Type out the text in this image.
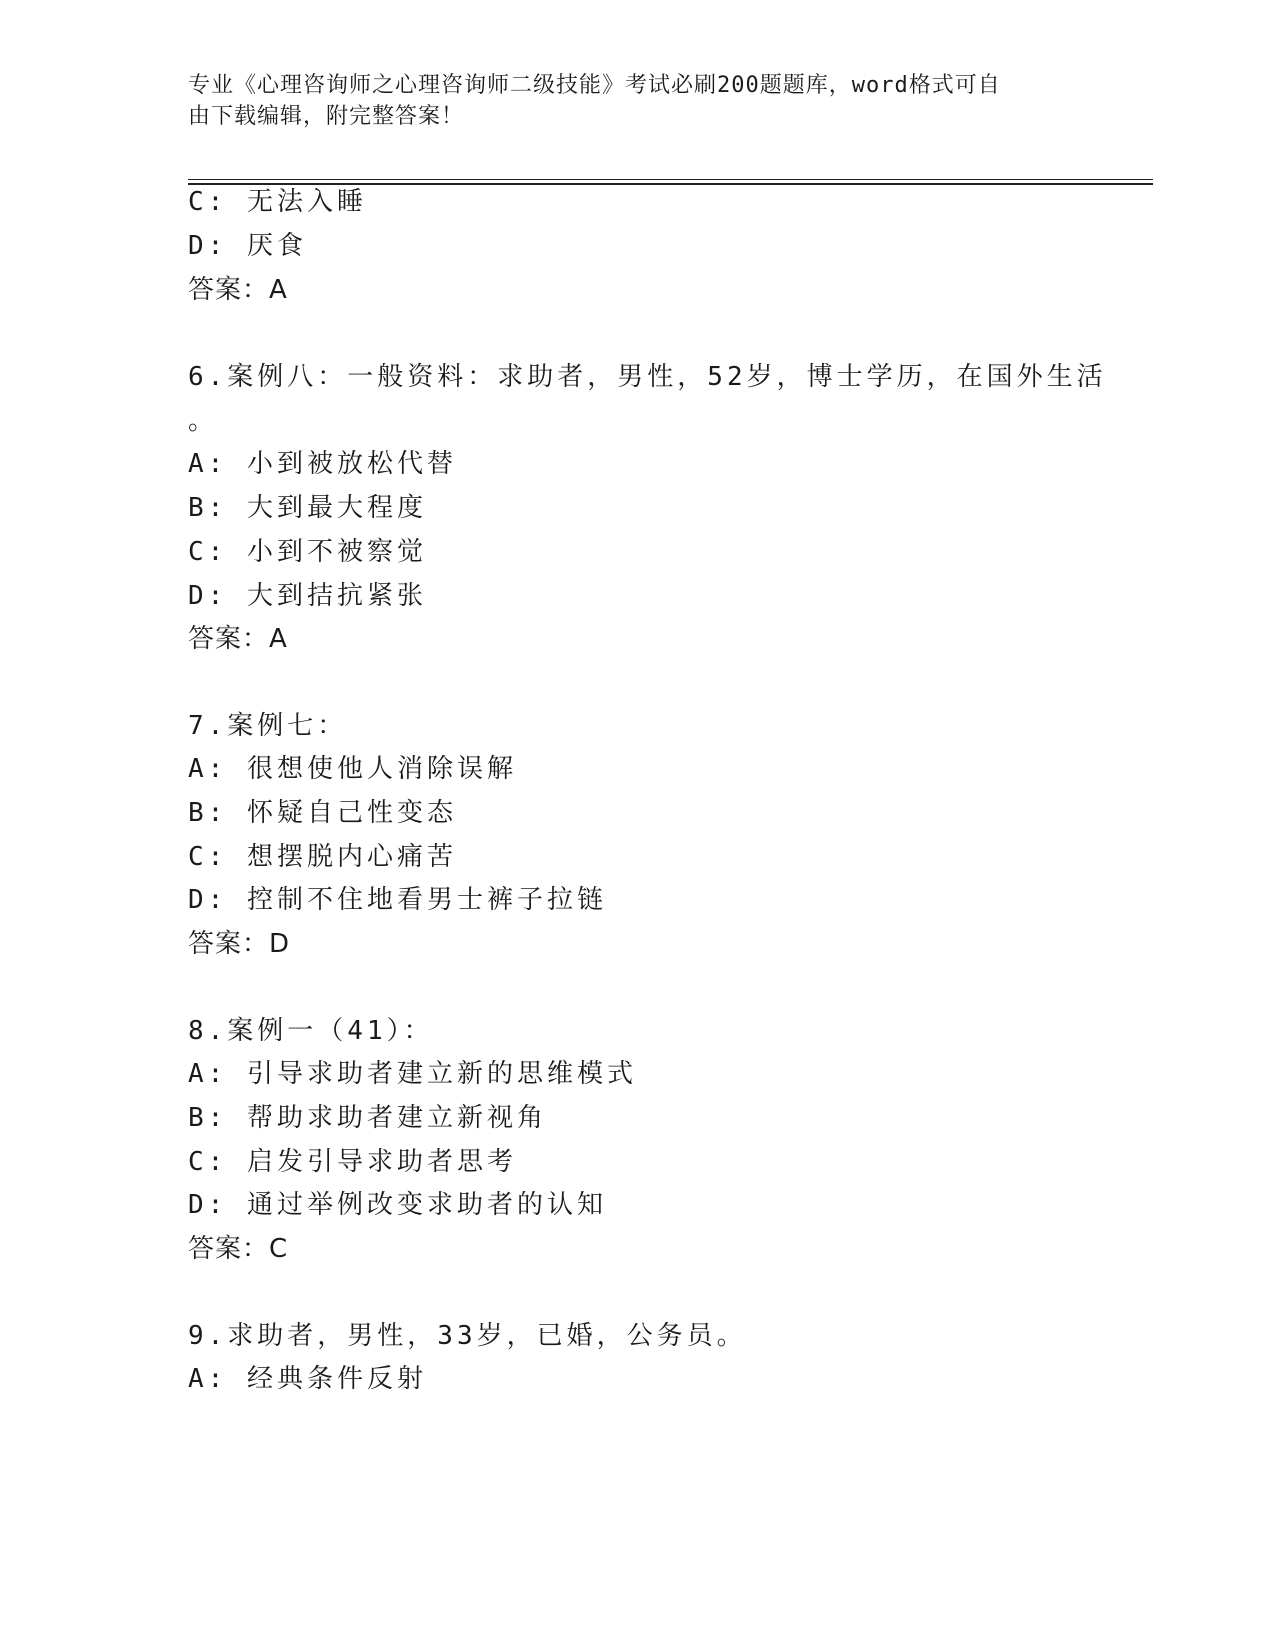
专业《心理咨询师之心理咨询师二级技能》考试必刷200题题库，word格式可自
由下载编辑，附完整答案！
C: 无法入睡
D: 厌食
答案：A
6.案例八：一般资料：求助者，男性，52岁，博士学历，在国外生活
。
A: 小到被放松代替
B: 大到最大程度
C: 小到不被察觉
D: 大到拮抗紧张
答案：A
7.案例七：
A: 很想使他人消除误解
B: 怀疑自己性变态
C: 想摆脱内心痛苦
D: 控制不住地看男士裤子拉链
答案：D
8.案例一（41）：
A: 引导求助者建立新的思维模式
B: 帮助求助者建立新视角
C: 启发引导求助者思考
D: 通过举例改变求助者的认知
答案：C
9.求助者，男性，33岁，已婚，公务员。
A: 经典条件反射
